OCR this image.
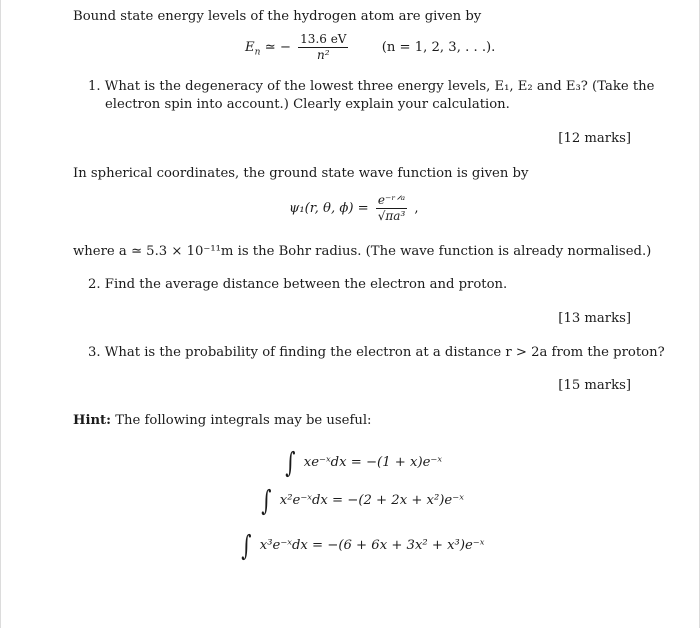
Bound state energy levels of the hydrogen atom are given by
$E_n$ ≃ − $\frac{13.6 eV}{\text{n²}}$	(n = 1, 2, 3, . . .).
1. What is the degeneracy of the lowest three energy levels, E₁, E₂ and E₃? (Take the
electron spin into account.) Clearly explain your calculation.
[12 marks]
In spherical coordinates, the ground state wave function is given by
ψ₁(r, θ, $\phi) = \frac{\text{e⁻ʳᐟᵃ}}{\text{√πa³}}$ ,
where a ≃ 5.3 × 10⁻¹¹m is the Bohr radius. (The wave function is already normalised.)
2. Find the average distance between the electron and proton.
[13 marks]
3. What is the probability of finding the electron at a distance r > 2a from the proton?
[15 marks]
Hint: The following integrals may be useful:
∫ xe⁻ˣdx = −(1 + x)e⁻ˣ
∫ x²e⁻ˣdx = −(2 + 2x + x²)e⁻ˣ
∫ x³e⁻ˣdx = −(6 + 6x + 3x² + x³)e⁻ˣ
